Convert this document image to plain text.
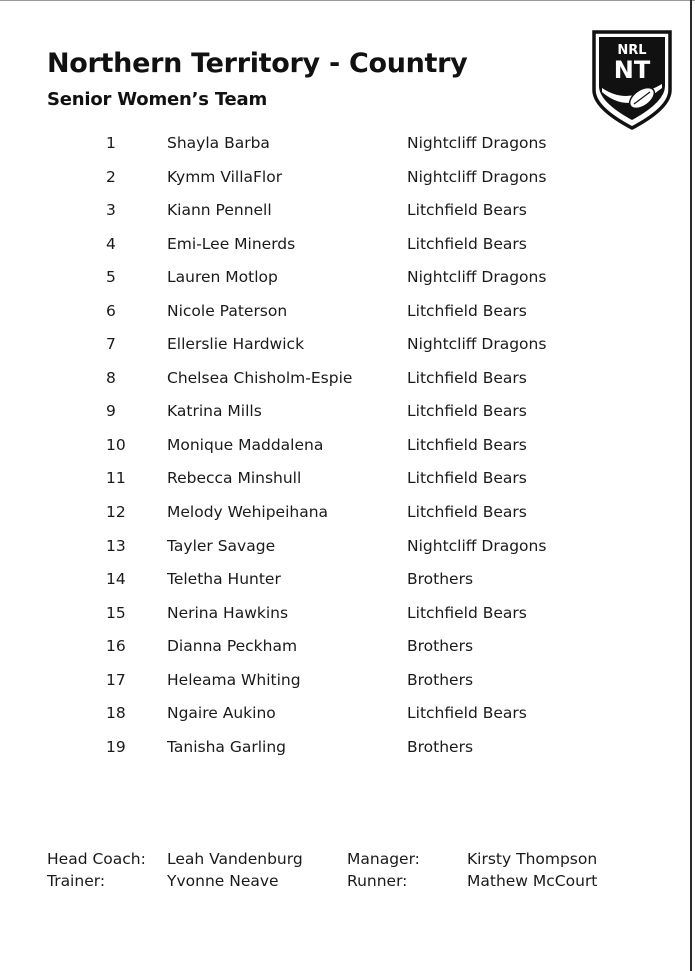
Northern Territory - Country
Senior Women’s Team
NRL
NT
1	Shayla Barba	Nightcliff Dragons
2	Kymm VillaFlor	Nightcliff Dragons
3	Kiann Pennell	Litchfield Bears
4	Emi-Lee Minerds	Litchfield Bears
5	Lauren Motlop	Nightcliff Dragons
6	Nicole Paterson	Litchfield Bears
7	Ellerslie Hardwick	Nightcliff Dragons
8	Chelsea Chisholm-Espie	Litchfield Bears
9	Katrina Mills	Litchfield Bears
10	Monique Maddalena	Litchfield Bears
11	Rebecca Minshull	Litchfield Bears
12	Melody Wehipeihana	Litchfield Bears
13	Tayler Savage	Nightcliff Dragons
14	Teletha Hunter	Brothers
15	Nerina Hawkins	Litchfield Bears
16	Dianna Peckham	Brothers
17	Heleama Whiting	Brothers
18	Ngaire Aukino	Litchfield Bears
19	Tanisha Garling	Brothers
Head Coach: Leah Vandenburg	Manager:	Kirsty Thompson
Trainer:	Yvonne Neave	Runner:	Mathew McCourt
